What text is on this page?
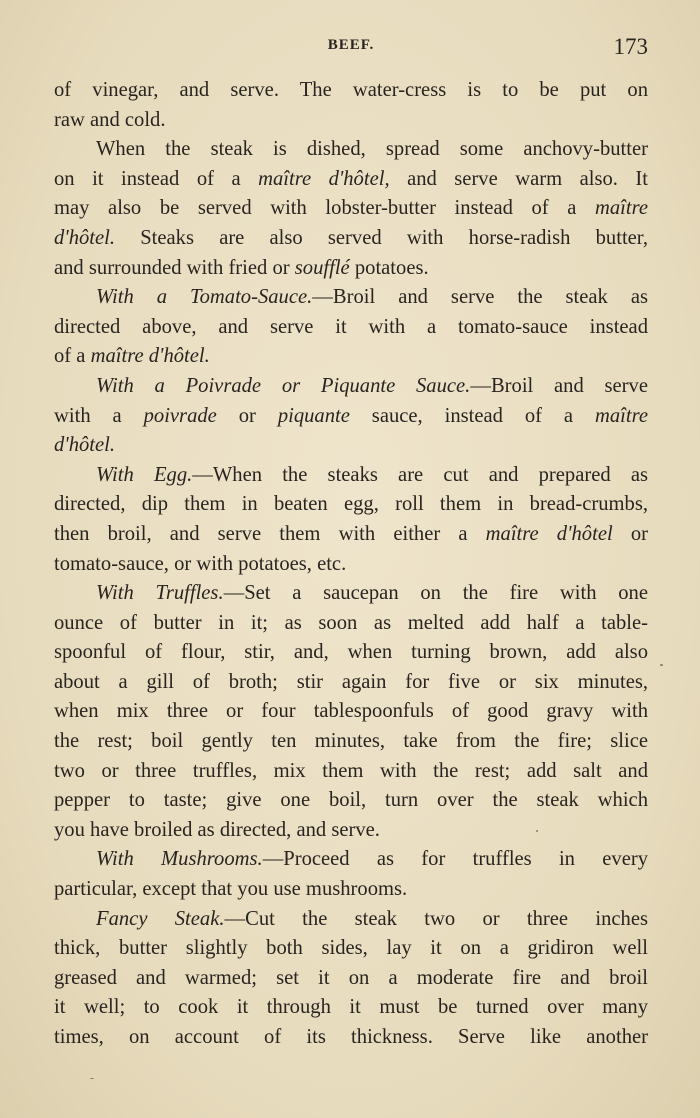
BEEF.	173
of vinegar, and serve. The water-cress is to be put on
raw and cold.
When the steak is dished, spread some anchovy-butter
on it instead of a maître d'hôtel, and serve warm also. It
may also be served with lobster-butter instead of a maître
d'hôtel. Steaks are also served with horse-radish butter,
and surrounded with fried or soufflé potatoes.
With a Tomato-Sauce.—Broil and serve the steak as
directed above, and serve it with a tomato-sauce instead
of a maître d'hôtel.
With a Poivrade or Piquante Sauce.—Broil and serve
with a poivrade or piquante sauce, instead of a maître
d'hôtel.
With Egg.—When the steaks are cut and prepared as
directed, dip them in beaten egg, roll them in bread-crumbs,
then broil, and serve them with either a maître d'hôtel or
tomato-sauce, or with potatoes, etc.
With Truffles.—Set a saucepan on the fire with one
ounce of butter in it; as soon as melted add half a table-
spoonful of flour, stir, and, when turning brown, add also
about a gill of broth; stir again for five or six minutes,
when mix three or four tablespoonfuls of good gravy with
the rest; boil gently ten minutes, take from the fire; slice
two or three truffles, mix them with the rest; add salt and
pepper to taste; give one boil, turn over the steak which
you have broiled as directed, and serve.
With Mushrooms.—Proceed as for truffles in every
particular, except that you use mushrooms.
Fancy Steak.—Cut the steak two or three inches
thick, butter slightly both sides, lay it on a gridiron well
greased and warmed; set it on a moderate fire and broil
it well; to cook it through it must be turned over many
times, on account of its thickness. Serve like another
